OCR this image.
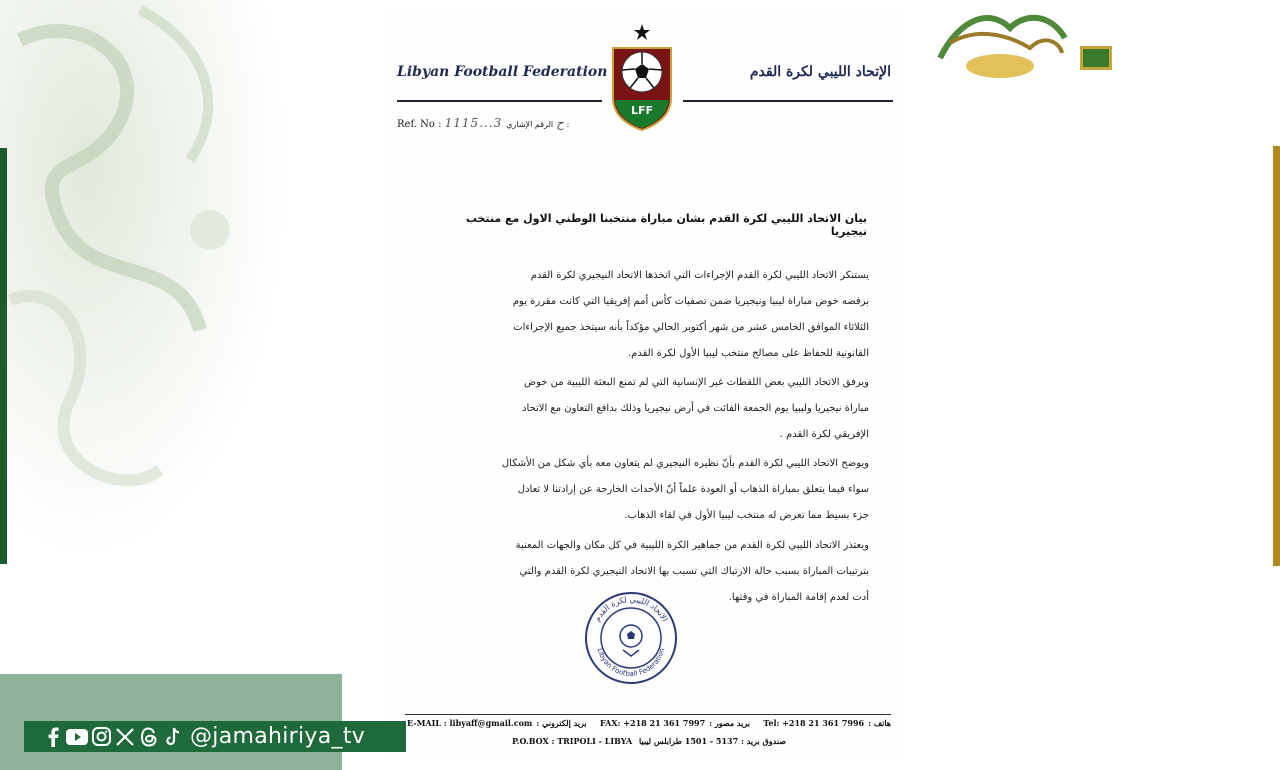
Libyan Football Federation	الإتحاد الليبي لكرة القدم
LFF
Ref. No : 1115...3ح الرقم الإشاري :
بيان الاتحاد الليبي لكرة القدم بشان مباراة منتخبنا الوطني الاول مع منتخب نيجيريا

يستنكر الاتحاد الليبي لكرة القدم الإجراءات التي اتخذها الاتحاد النيجيري لكرة القدم

برفضه خوض مباراة ليبيا ونيجيريا ضمن تصفيات كأس أمم إفريقيا التي كانت مقررة يوم

الثلاثاء الموافق الخامس عشر من شهر أكتوبر الحالي مؤكداً بأنه سيتخذ جميع الإجراءات

القانونية للحفاظ على مصالح منتخب ليبيا الأول لكرة القدم.

ويرفق الاتحاد الليبي بعض اللقطات غير الإنسانية التي لم تمنع البعثة الليبية من خوض

مباراة نيجيريا وليبيا يوم الجمعة الفائت في أرض نيجيريا وذلك بدافع التعاون مع الاتحاد

الإفريقي لكرة القدم .

ويوضح الاتحاد الليبي لكرة القدم بأنّ نظيره النيجيري لم يتعاون معه بأي شكل من الأشكال

سواء فيما يتعلق بمباراة الذهاب أو العودة علماً أنّ الأحداث الخارجة عن إرادتنا لا تعادل

جزء بسيط مما تعرض له منتخب ليبيا الأول في لقاء الذهاب.

ويعتذر الاتحاد الليبي لكرة القدم من جماهير الكرة الليبية في كل مكان والجهات المعنية

بترتيبات المباراة بسبب حالة الارتباك التي تسبب بها الاتحاد النيجيري لكرة القدم والتي

أدت لعدم إقامة المباراة في وقتها.

الاتحاد الليبي لكرة القدم
Libyan Football Federation
E-MAIL : libyaff@gmail.com : بريد إلكتروني FAX: +218 21 361 7997 : بريد مصور Tel: +218 21 361 7996 : هاتف
P.O.BOX : TRIPOLI - LIBYA صندوق بريد : 5137 - 1501 طرابلس ليبيا
@jamahiriya_tv
